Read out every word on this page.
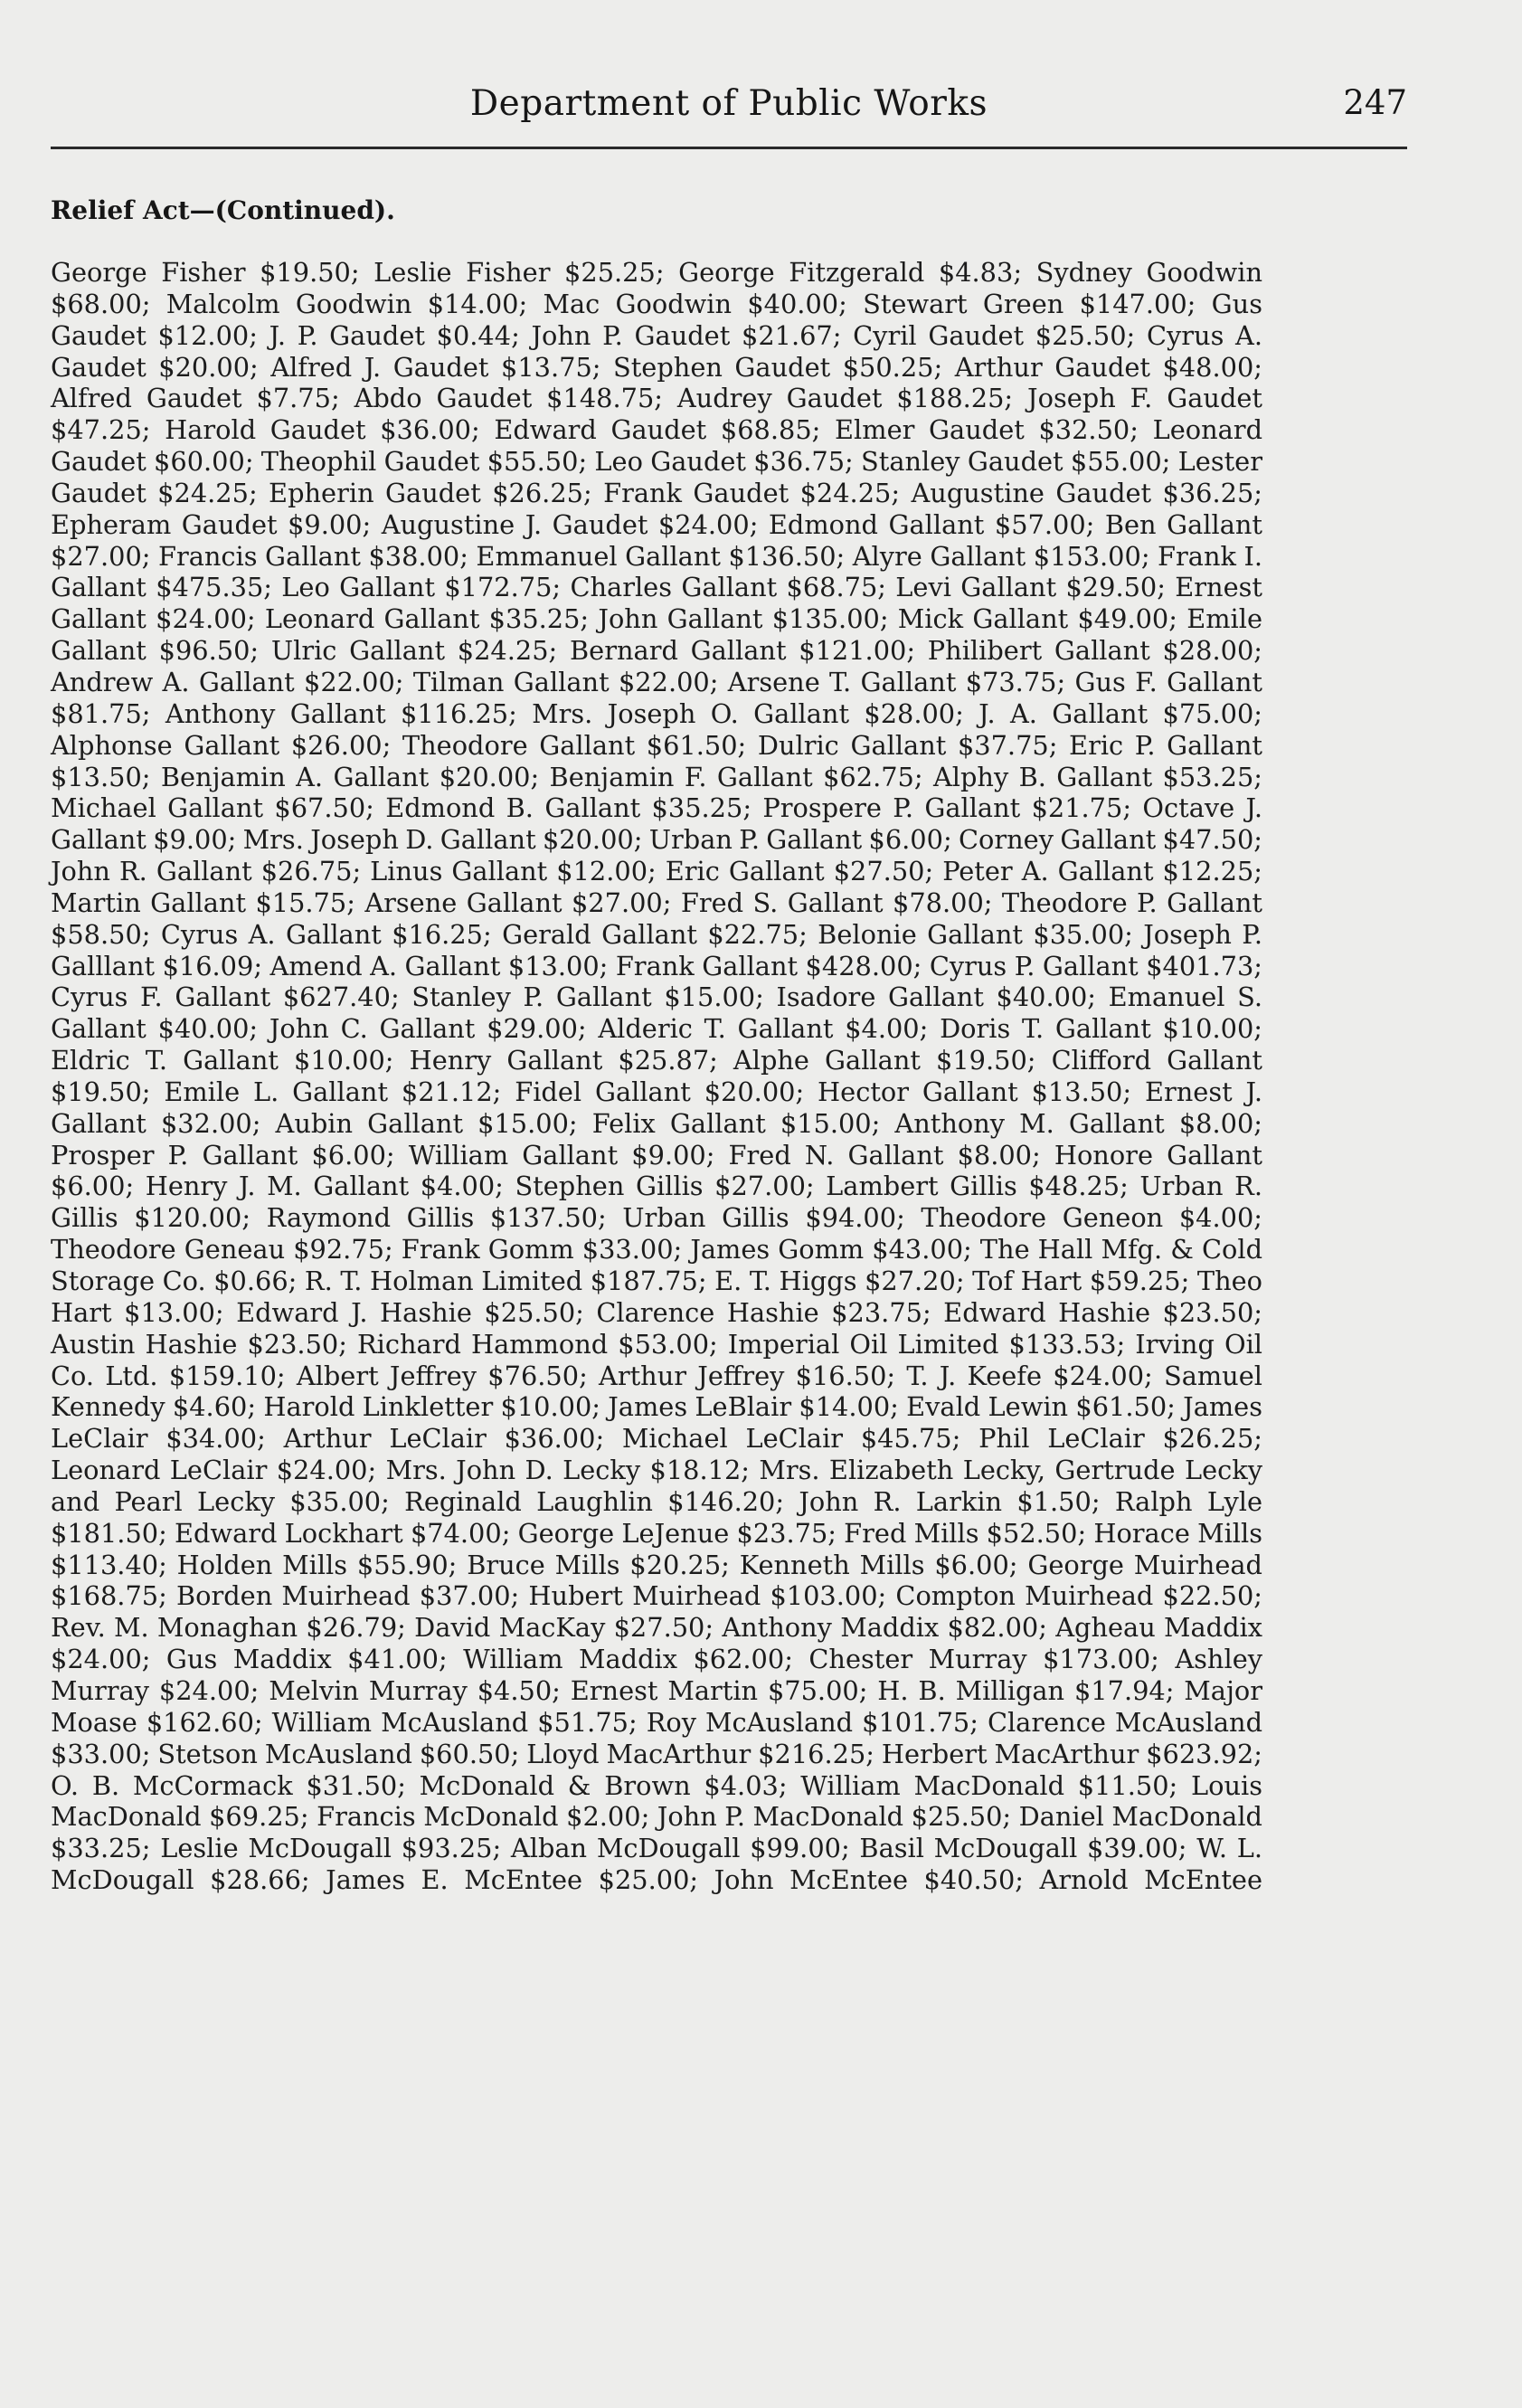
Department of Public Works	247
Relief Act—(Continued).

George Fisher $19.50; Leslie Fisher $25.25; George Fitzgerald $4.83; Sydney Goodwin $68.00; Malcolm Goodwin $14.00; Mac Goodwin $40.00; Stewart Green $147.00; Gus Gaudet $12.00; J. P. Gaudet $0.44; John P. Gaudet $21.67; Cyril Gaudet $25.50; Cyrus A. Gaudet $20.00; Alfred J. Gaudet $13.75; Stephen Gaudet $50.25; Arthur Gaudet $48.00; Alfred Gaudet $7.75; Abdo Gaudet $148.75; Audrey Gaudet $188.25; Joseph F. Gaudet $47.25; Harold Gaudet $36.00; Edward Gaudet $68.85; Elmer Gaudet $32.50; Leonard Gaudet $60.00; Theophil Gaudet $55.50; Leo Gaudet $36.75; Stanley Gaudet $55.00; Lester Gaudet $24.25; Epherin Gaudet $26.25; Frank Gaudet $24.25; Augustine Gaudet $36.25; Epheram Gaudet $9.00; Augustine J. Gaudet $24.00; Edmond Gallant $57.00; Ben Gallant $27.00; Francis Gallant $38.00; Emmanuel Gallant $136.50; Alyre Gallant $153.00; Frank I. Gallant $475.35; Leo Gallant $172.75; Charles Gallant $68.75; Levi Gallant $29.50; Ernest Gallant $24.00; Leonard Gallant $35.25; John Gallant $135.00; Mick Gallant $49.00; Emile Gallant $96.50; Ulric Gallant $24.25; Bernard Gallant $121.00; Philibert Gallant $28.00; Andrew A. Gallant $22.00; Tilman Gallant $22.00; Arsene T. Gallant $73.75; Gus F. Gallant $81.75; Anthony Gallant $116.25; Mrs. Joseph O. Gallant $28.00; J. A. Gallant $75.00; Alphonse Gallant $26.00; Theodore Gallant $61.50; Dulric Gallant $37.75; Eric P. Gallant $13.50; Benjamin A. Gallant $20.00; Benjamin F. Gallant $62.75; Alphy B. Gallant $53.25; Michael Gallant $67.50; Edmond B. Gallant $35.25; Prospere P. Gallant $21.75; Octave J. Gallant $9.00; Mrs. Joseph D. Gallant $20.00; Urban P. Gallant $6.00; Corney Gallant $47.50; John R. Gallant $26.75; Linus Gallant $12.00; Eric Gallant $27.50; Peter A. Gallant $12.25; Martin Gallant $15.75; Arsene Gallant $27.00; Fred S. Gallant $78.00; Theodore P. Gallant $58.50; Cyrus A. Gallant $16.25; Gerald Gallant $22.75; Belonie Gallant $35.00; Joseph P. Galllant $16.09; Amend A. Gallant $13.00; Frank Gallant $428.00; Cyrus P. Gallant $401.73; Cyrus F. Gallant $627.40; Stanley P. Gallant $15.00; Isadore Gallant $40.00; Emanuel S. Gallant $40.00; John C. Gallant $29.00; Alderic T. Gallant $4.00; Doris T. Gallant $10.00; Eldric T. Gallant $10.00; Henry Gallant $25.87; Alphe Gallant $19.50; Clifford Gallant $19.50; Emile L. Gallant $21.12; Fidel Gallant $20.00; Hector Gallant $13.50; Ernest J. Gallant $32.00; Aubin Gallant $15.00; Felix Gallant $15.00; Anthony M. Gallant $8.00; Prosper P. Gallant $6.00; William Gallant $9.00; Fred N. Gallant $8.00; Honore Gallant $6.00; Henry J. M. Gallant $4.00; Stephen Gillis $27.00; Lambert Gillis $48.25; Urban R. Gillis $120.00; Raymond Gillis $137.50; Urban Gillis $94.00; Theodore Geneon $4.00; Theodore Geneau $92.75; Frank Gomm $33.00; James Gomm $43.00; The Hall Mfg. & Cold Storage Co. $0.66; R. T. Holman Limited $187.75; E. T. Higgs $27.20; Tof Hart $59.25; Theo Hart $13.00; Edward J. Hashie $25.50; Clarence Hashie $23.75; Edward Hashie $23.50; Austin Hashie $23.50; Richard Hammond $53.00; Imperial Oil Limited $133.53; Irving Oil Co. Ltd. $159.10; Albert Jeffrey $76.50; Arthur Jeffrey $16.50; T. J. Keefe $24.00; Samuel Kennedy $4.60; Harold Linkletter $10.00; James LeBlair $14.00; Evald Lewin $61.50; James LeClair $34.00; Arthur LeClair $36.00; Michael LeClair $45.75; Phil LeClair $26.25; Leonard LeClair $24.00; Mrs. John D. Lecky $18.12; Mrs. Elizabeth Lecky, Gertrude Lecky and Pearl Lecky $35.00; Reginald Laughlin $146.20; John R. Larkin $1.50; Ralph Lyle $181.50; Edward Lockhart $74.00; George LeJenue $23.75; Fred Mills $52.50; Horace Mills $113.40; Holden Mills $55.90; Bruce Mills $20.25; Kenneth Mills $6.00; George Muirhead $168.75; Borden Muirhead $37.00; Hubert Muirhead $103.00; Compton Muirhead $22.50; Rev. M. Monaghan $26.79; David MacKay $27.50; Anthony Maddix $82.00; Agheau Maddix $24.00; Gus Maddix $41.00; William Maddix $62.00; Chester Murray $173.00; Ashley Murray $24.00; Melvin Murray $4.50; Ernest Martin $75.00; H. B. Milligan $17.94; Major Moase $162.60; William McAusland $51.75; Roy McAusland $101.75; Clarence McAusland $33.00; Stetson McAusland $60.50; Lloyd MacArthur $216.25; Herbert MacArthur $623.92; O. B. McCormack $31.50; McDonald & Brown $4.03; William MacDonald $11.50; Louis MacDonald $69.25; Francis McDonald $2.00; John P. MacDonald $25.50; Daniel MacDonald $33.25; Leslie McDougall $93.25; Alban McDougall $99.00; Basil McDougall $39.00; W. L. McDougall $28.66; James E. McEntee $25.00; John McEntee $40.50; Arnold McEntee
